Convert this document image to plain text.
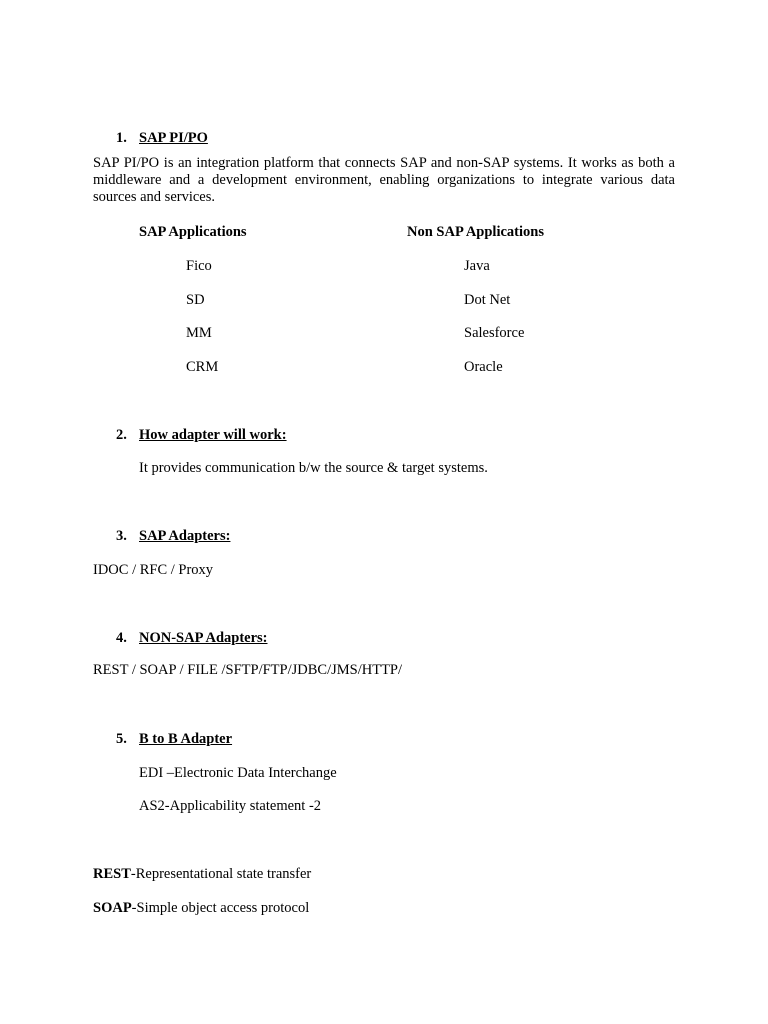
1. SAP PI/PO
SAP PI/PO is an integration platform that connects SAP and non-SAP systems. It works as both a middleware and a development environment, enabling organizations to integrate various data sources and services.
SAP Applications	Non SAP Applications
Fico
SD
MM
CRM
Java
Dot Net
Salesforce
Oracle
2. How adapter will work:
It provides communication b/w the source & target systems.
3. SAP Adapters:
IDOC / RFC / Proxy
4. NON-SAP Adapters:
REST / SOAP / FILE /SFTP/FTP/JDBC/JMS/HTTP/
5. B to B Adapter
EDI –Electronic Data Interchange
AS2-Applicability statement -2
REST-Representational state transfer
SOAP-Simple object access protocol
